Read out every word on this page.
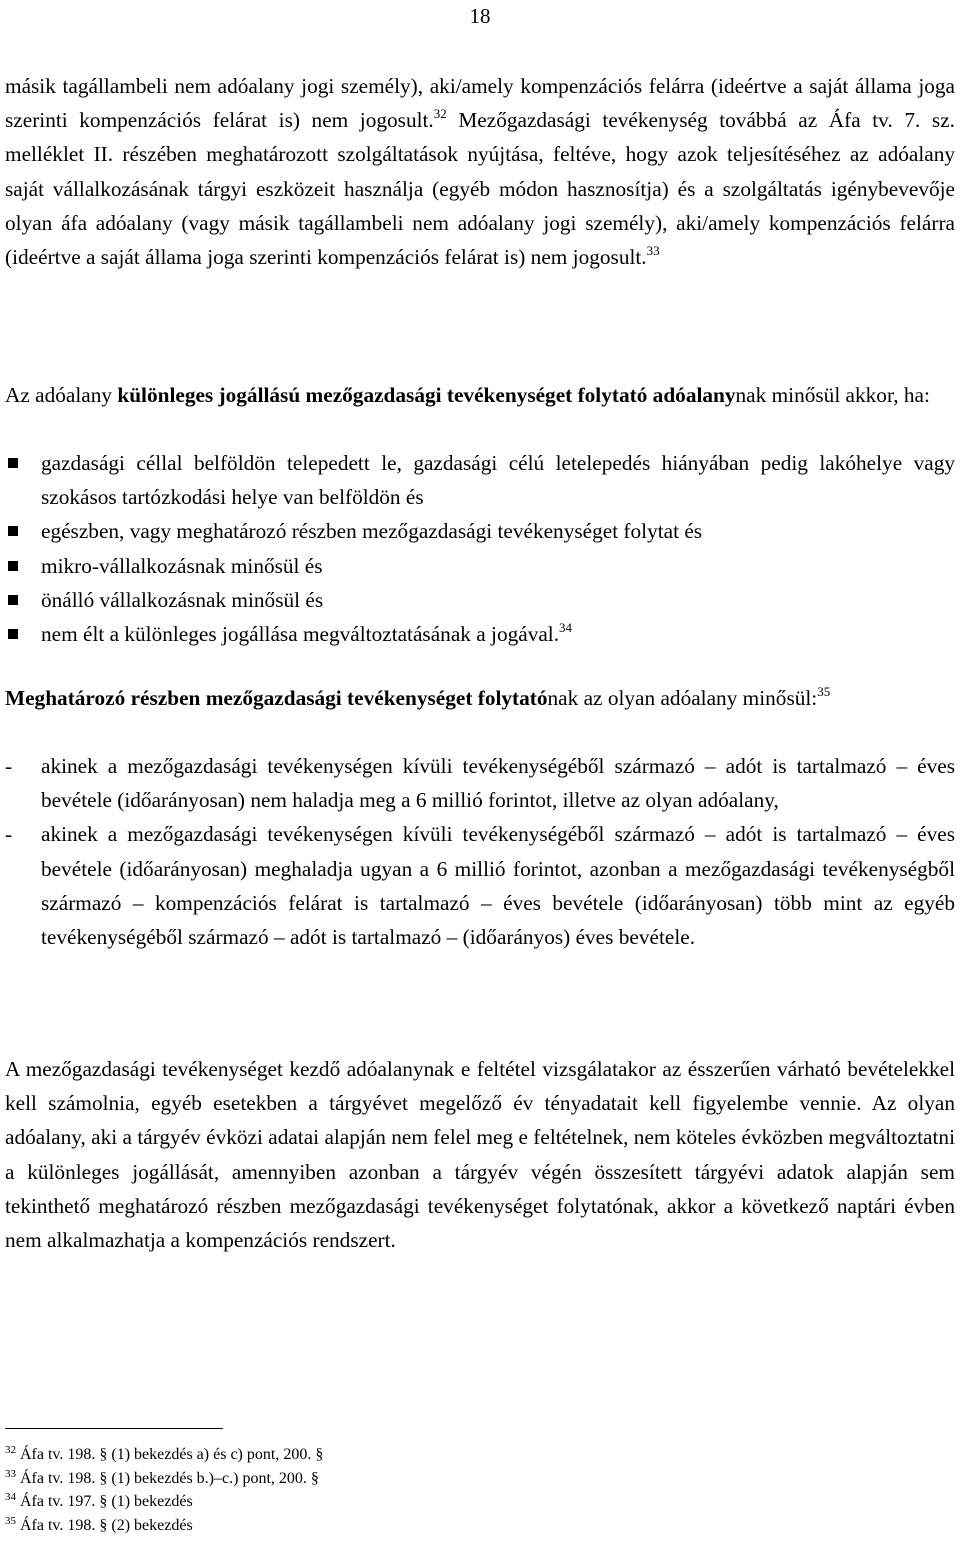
18

másik tagállambeli nem adóalany jogi személy), aki/amely kompenzációs felárra (ideértve a saját állama joga szerinti kompenzációs felárat is) nem jogosult.$^{32}$ Mezőgazdasági tevékenység továbbá az Áfa tv. 7. sz. melléklet II. részében meghatározott szolgáltatások nyújtása, feltéve, hogy azok teljesítéséhez az adóalany saját vállalkozásának tárgyi eszközeit használja (egyéb módon hasznosítja) és a szolgáltatás igénybevevője olyan áfa adóalany (vagy másik tagállambeli nem adóalany jogi személy), aki/amely kompenzációs felárra (ideértve a saját állama joga szerinti kompenzációs felárat is) nem jogosult.$^{33}$

Az adóalany különleges jogállású mezőgazdasági tevékenységet folytató adóalanynak minősül akkor, ha:

gazdasági céllal belföldön telepedett le, gazdasági célú letelepedés hiányában pedig lakóhelye vagy szokásos tartózkodási helye van belföldön és
egészben, vagy meghatározó részben mezőgazdasági tevékenységet folytat és
mikro-vállalkozásnak minősül és
önálló vállalkozásnak minősül és
nem élt a különleges jogállása megváltoztatásának a jogával.$^{34}$

Meghatározó részben mezőgazdasági tevékenységet folytatónak az olyan adóalany minősül:$^{35}$

- akinek a mezőgazdasági tevékenységen kívüli tevékenységéből származó – adót is tartalmazó – éves bevétele (időarányosan) nem haladja meg a 6 millió forintot, illetve az olyan adóalany,
- akinek a mezőgazdasági tevékenységen kívüli tevékenységéből származó – adót is tartalmazó – éves bevétele (időarányosan) meghaladja ugyan a 6 millió forintot, azonban a mezőgazdasági tevékenységből származó – kompenzációs felárat is tartalmazó – éves bevétele (időarányosan) több mint az egyéb tevékenységéből származó – adót is tartalmazó – (időarányos) éves bevétele.

A mezőgazdasági tevékenységet kezdő adóalanynak e feltétel vizsgálatakor az ésszerűen várható bevételekkel kell számolnia, egyéb esetekben a tárgyévet megelőző év tényadatait kell figyelembe vennie. Az olyan adóalany, aki a tárgyév évközi adatai alapján nem felel meg e feltételnek, nem köteles évközben megváltoztatni a különleges jogállását, amennyiben azonban a tárgyév végén összesített tárgyévi adatok alapján sem tekinthető meghatározó részben mezőgazdasági tevékenységet folytatónak, akkor a következő naptári évben nem alkalmazhatja a kompenzációs rendszert.

$^{32}$ Áfa tv. 198. § (1) bekezdés a) és c) pont, 200. §
$^{33}$ Áfa tv. 198. § (1) bekezdés b.)–c.) pont, 200. §
$^{34}$ Áfa tv. 197. § (1) bekezdés
$^{35}$ Áfa tv. 198. § (2) bekezdés
